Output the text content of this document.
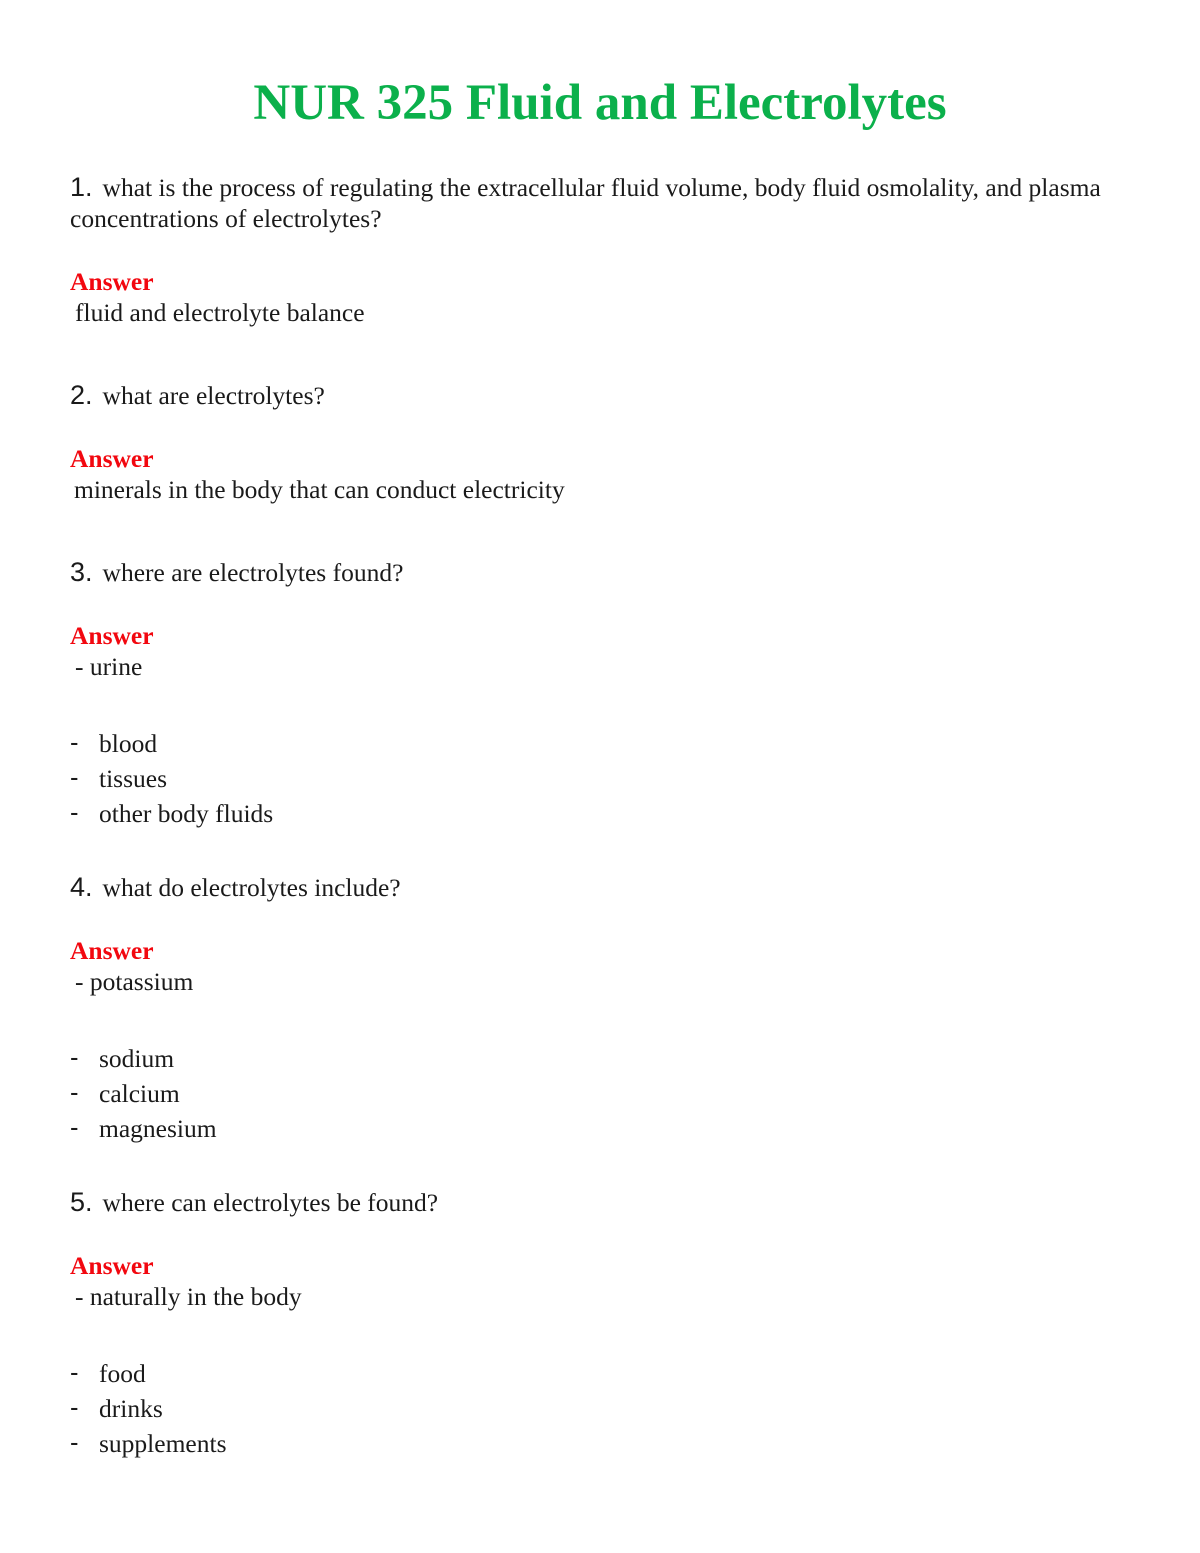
NUR 325 Fluid and Electrolytes

1. what is the process of regulating the extracellular fluid volume, body fluid osmolality, and plasma concentrations of electrolytes?

Answer

fluid and electrolyte balance

2. what are electrolytes?

Answer

minerals in the body that can conduct electricity

3. where are electrolytes found?

Answer

- urine

- blood
- tissues
- other body fluids

4. what do electrolytes include?

Answer

- potassium

- sodium
- calcium
- magnesium

5. where can electrolytes be found?

Answer

- naturally in the body

- food
- drinks
- supplements
